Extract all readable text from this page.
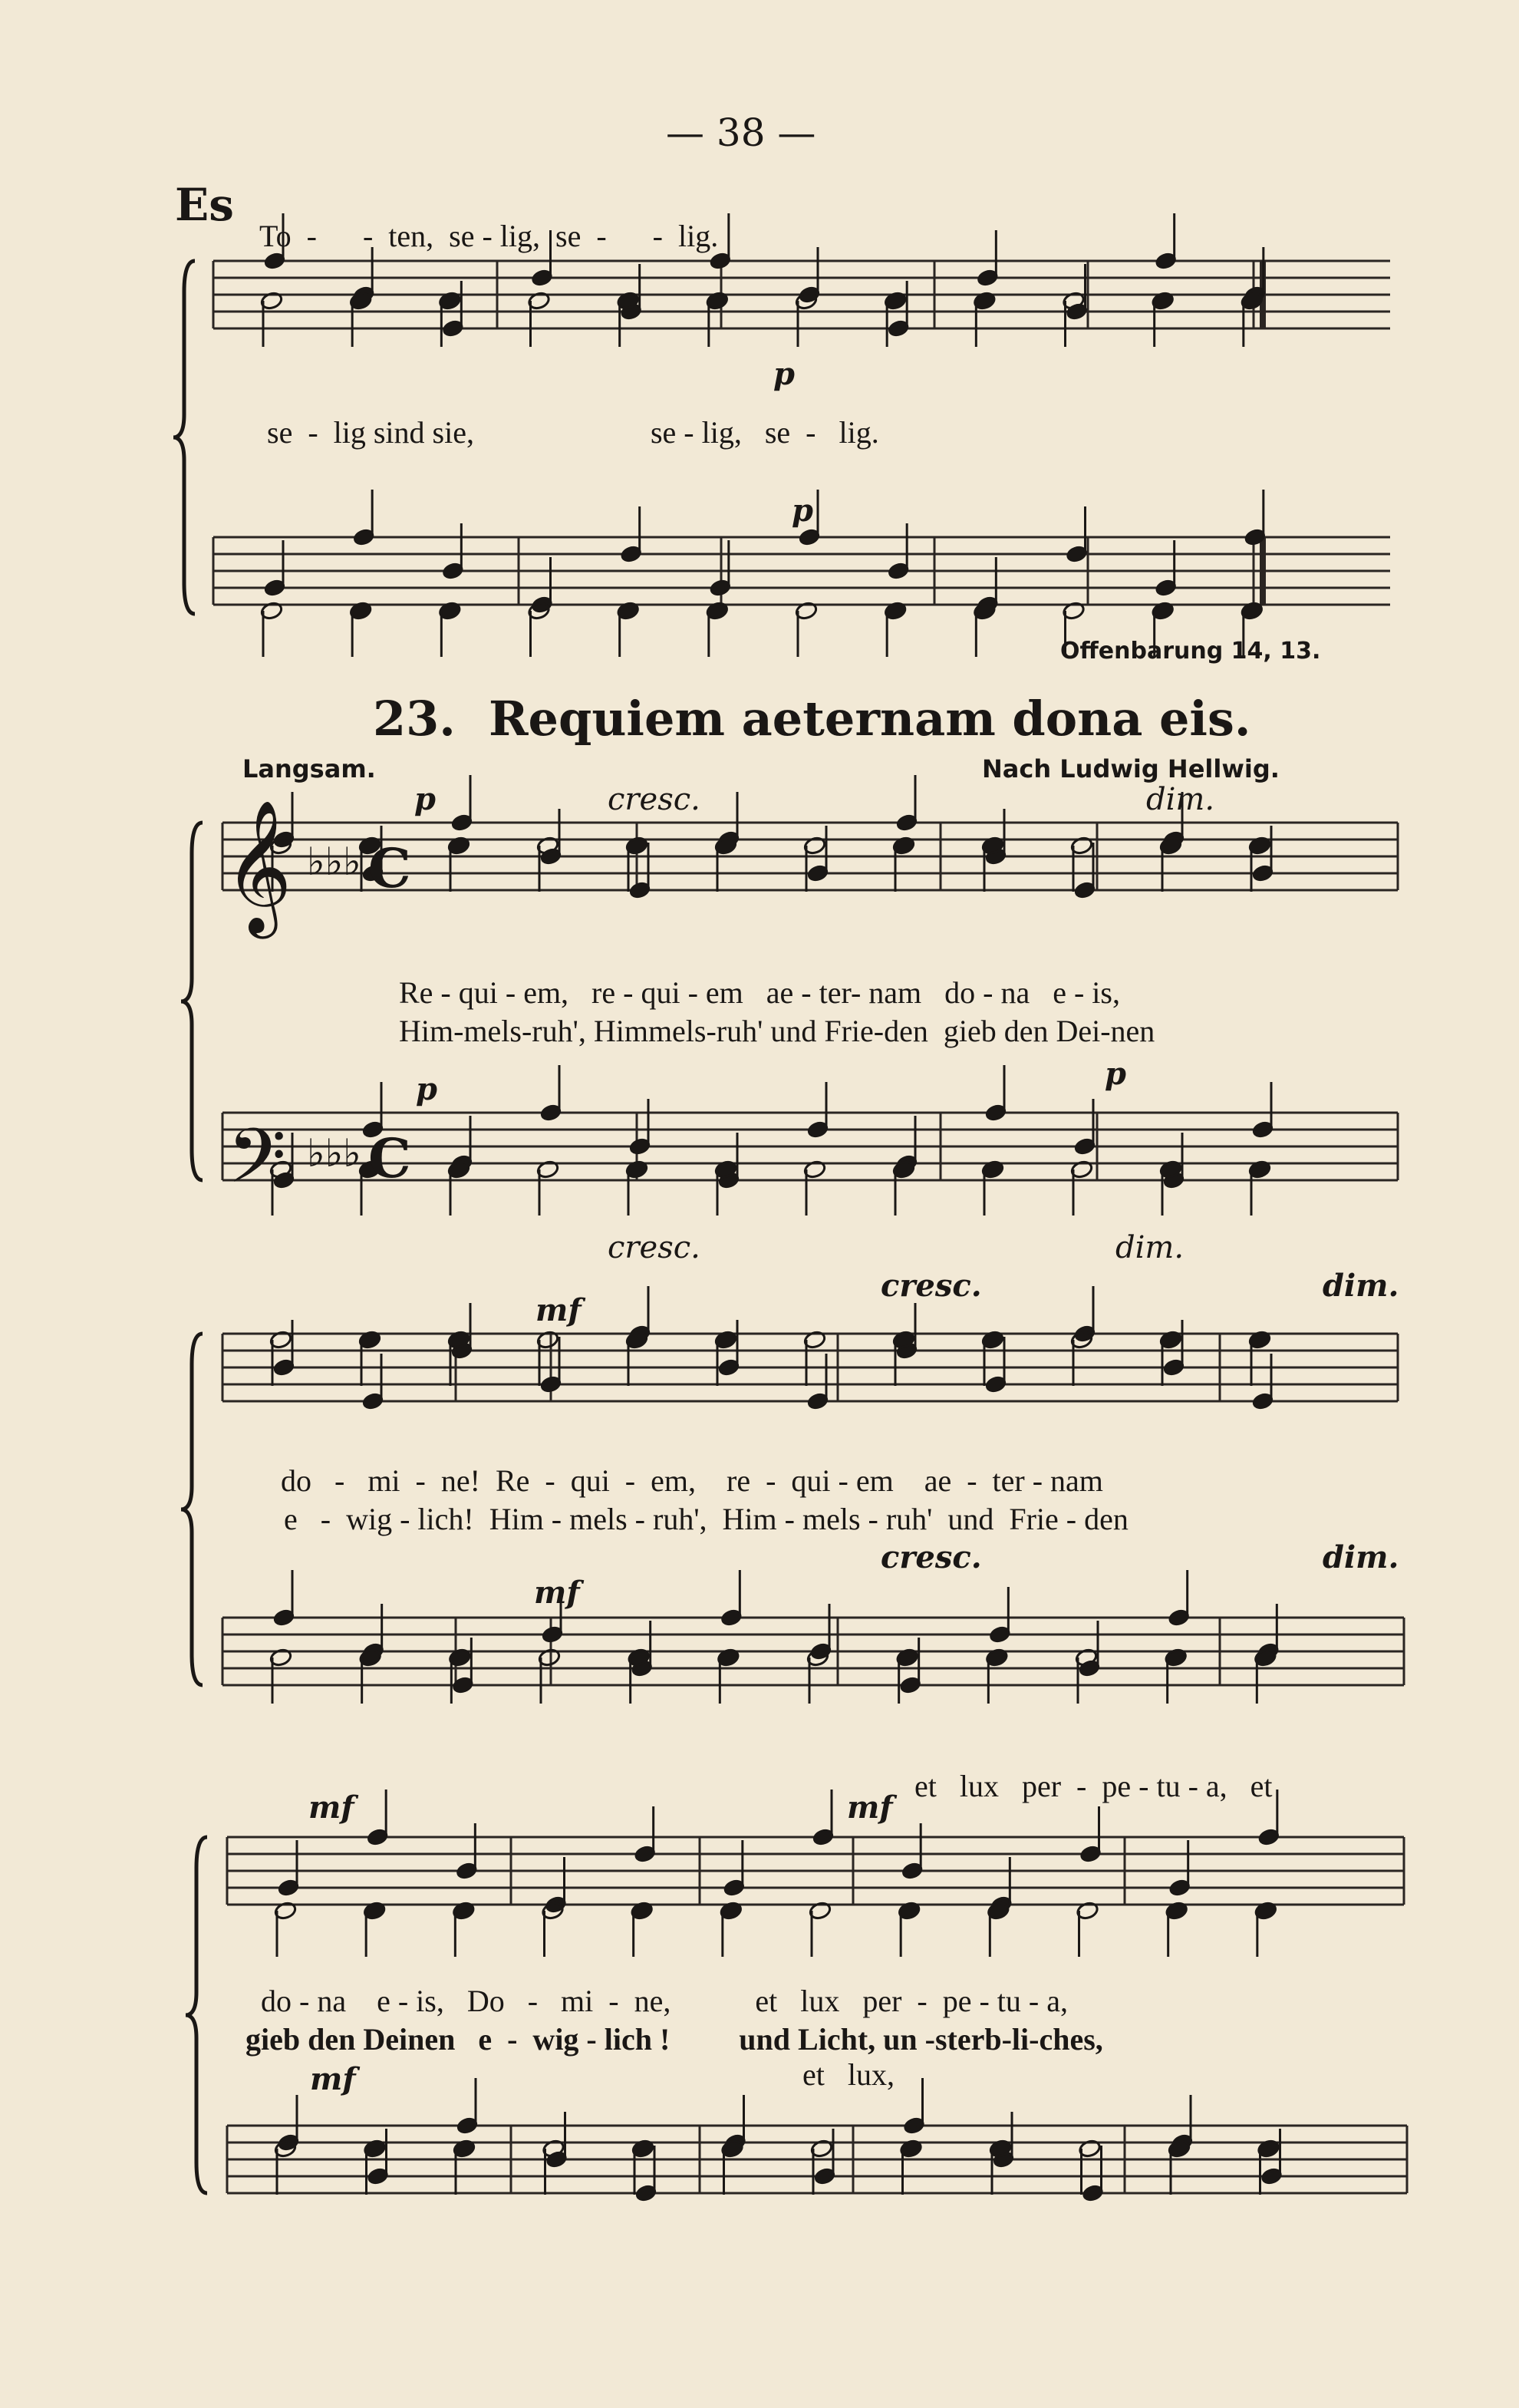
— 38 —
Es
To  -      -  ten,  se - lig,  se  -      -  lig.
p
se  -  lig sind sie,                       se - lig,   se  -   lig.
p
Offenbarung 14, 13.
23.  Requiem aeternam dona eis.
Langsam.	Nach Ludwig Hellwig.
p	cresc.	dim.
Re - qui - em,   re - qui - em   ae - ter- nam   do - na   e - is,
Him-mels-ruh', Himmels-ruh' und Frie-den  gieb den Dei-nen
p	p
cresc.	dim.
mf
cresc.	dim.
do   -   mi  -  ne!  Re  -  qui  -  em,    re  -  qui - em    ae  -  ter - nam
e   -  wig - lich!  Him - mels - ruh',  Him - mels - ruh'  und  Frie - den
mf
cresc.	dim.
et   lux   per  -  pe - tu - a,   et
mf	mf
do - na    e - is,   Do   -   mi  -  ne,           et   lux   per  -  pe - tu - a,
gieb den Deinen   e  -  wig - lich !         und Licht, un -sterb-li-ches,
mf	et   lux,
𝄞
𝄢
♭♭♭
♭♭♭
C
C
